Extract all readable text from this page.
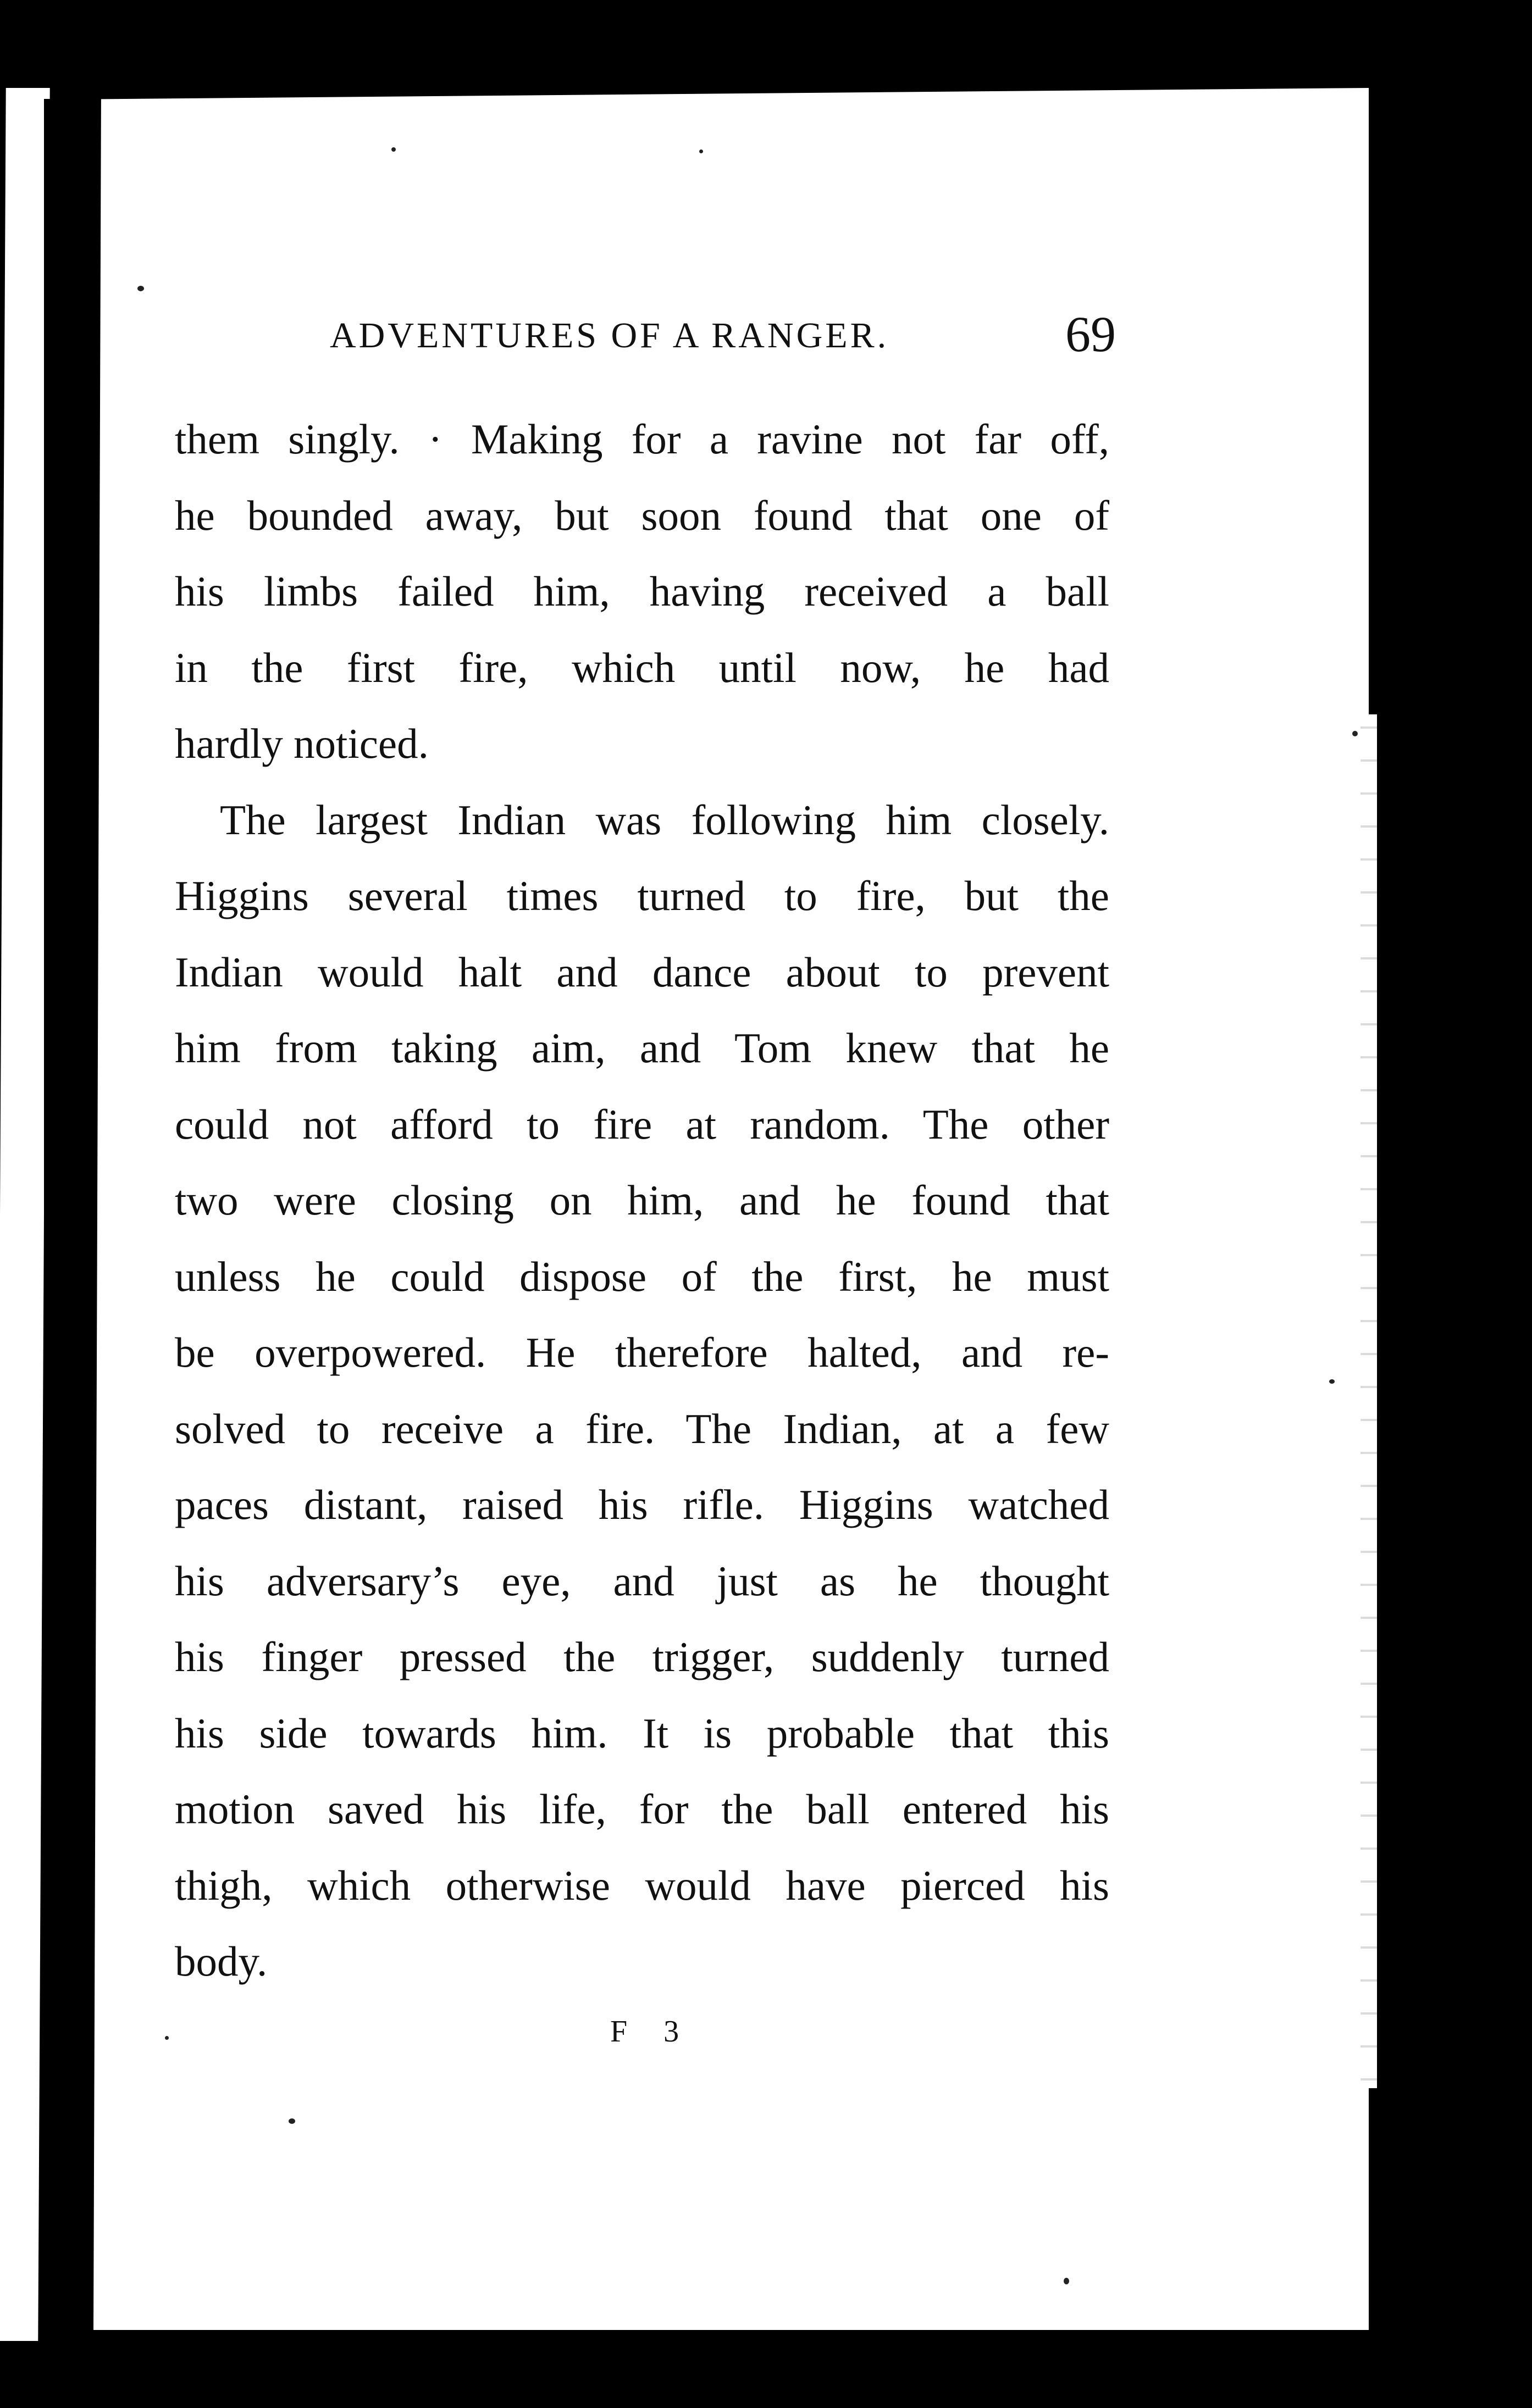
ADVENTURES OF A RANGER.	69
them singly. · Making for a ravine not far off,
he bounded away, but soon found that one of
his limbs failed him, having received a ball
in the first fire, which until now, he had
hardly noticed.
The largest Indian was following him closely.
Higgins several times turned to fire, but the
Indian would halt and dance about to prevent
him from taking aim, and Tom knew that he
could not afford to fire at random. The other
two were closing on him, and he found that
unless he could dispose of the first, he must
be overpowered. He therefore halted, and re-
solved to receive a fire. The Indian, at a few
paces distant, raised his rifle. Higgins watched
his adversary’s eye, and just as he thought
his finger pressed the trigger, suddenly turned
his side towards him. It is probable that this
motion saved his life, for the ball entered his
thigh, which otherwise would have pierced his
body.
F 3
